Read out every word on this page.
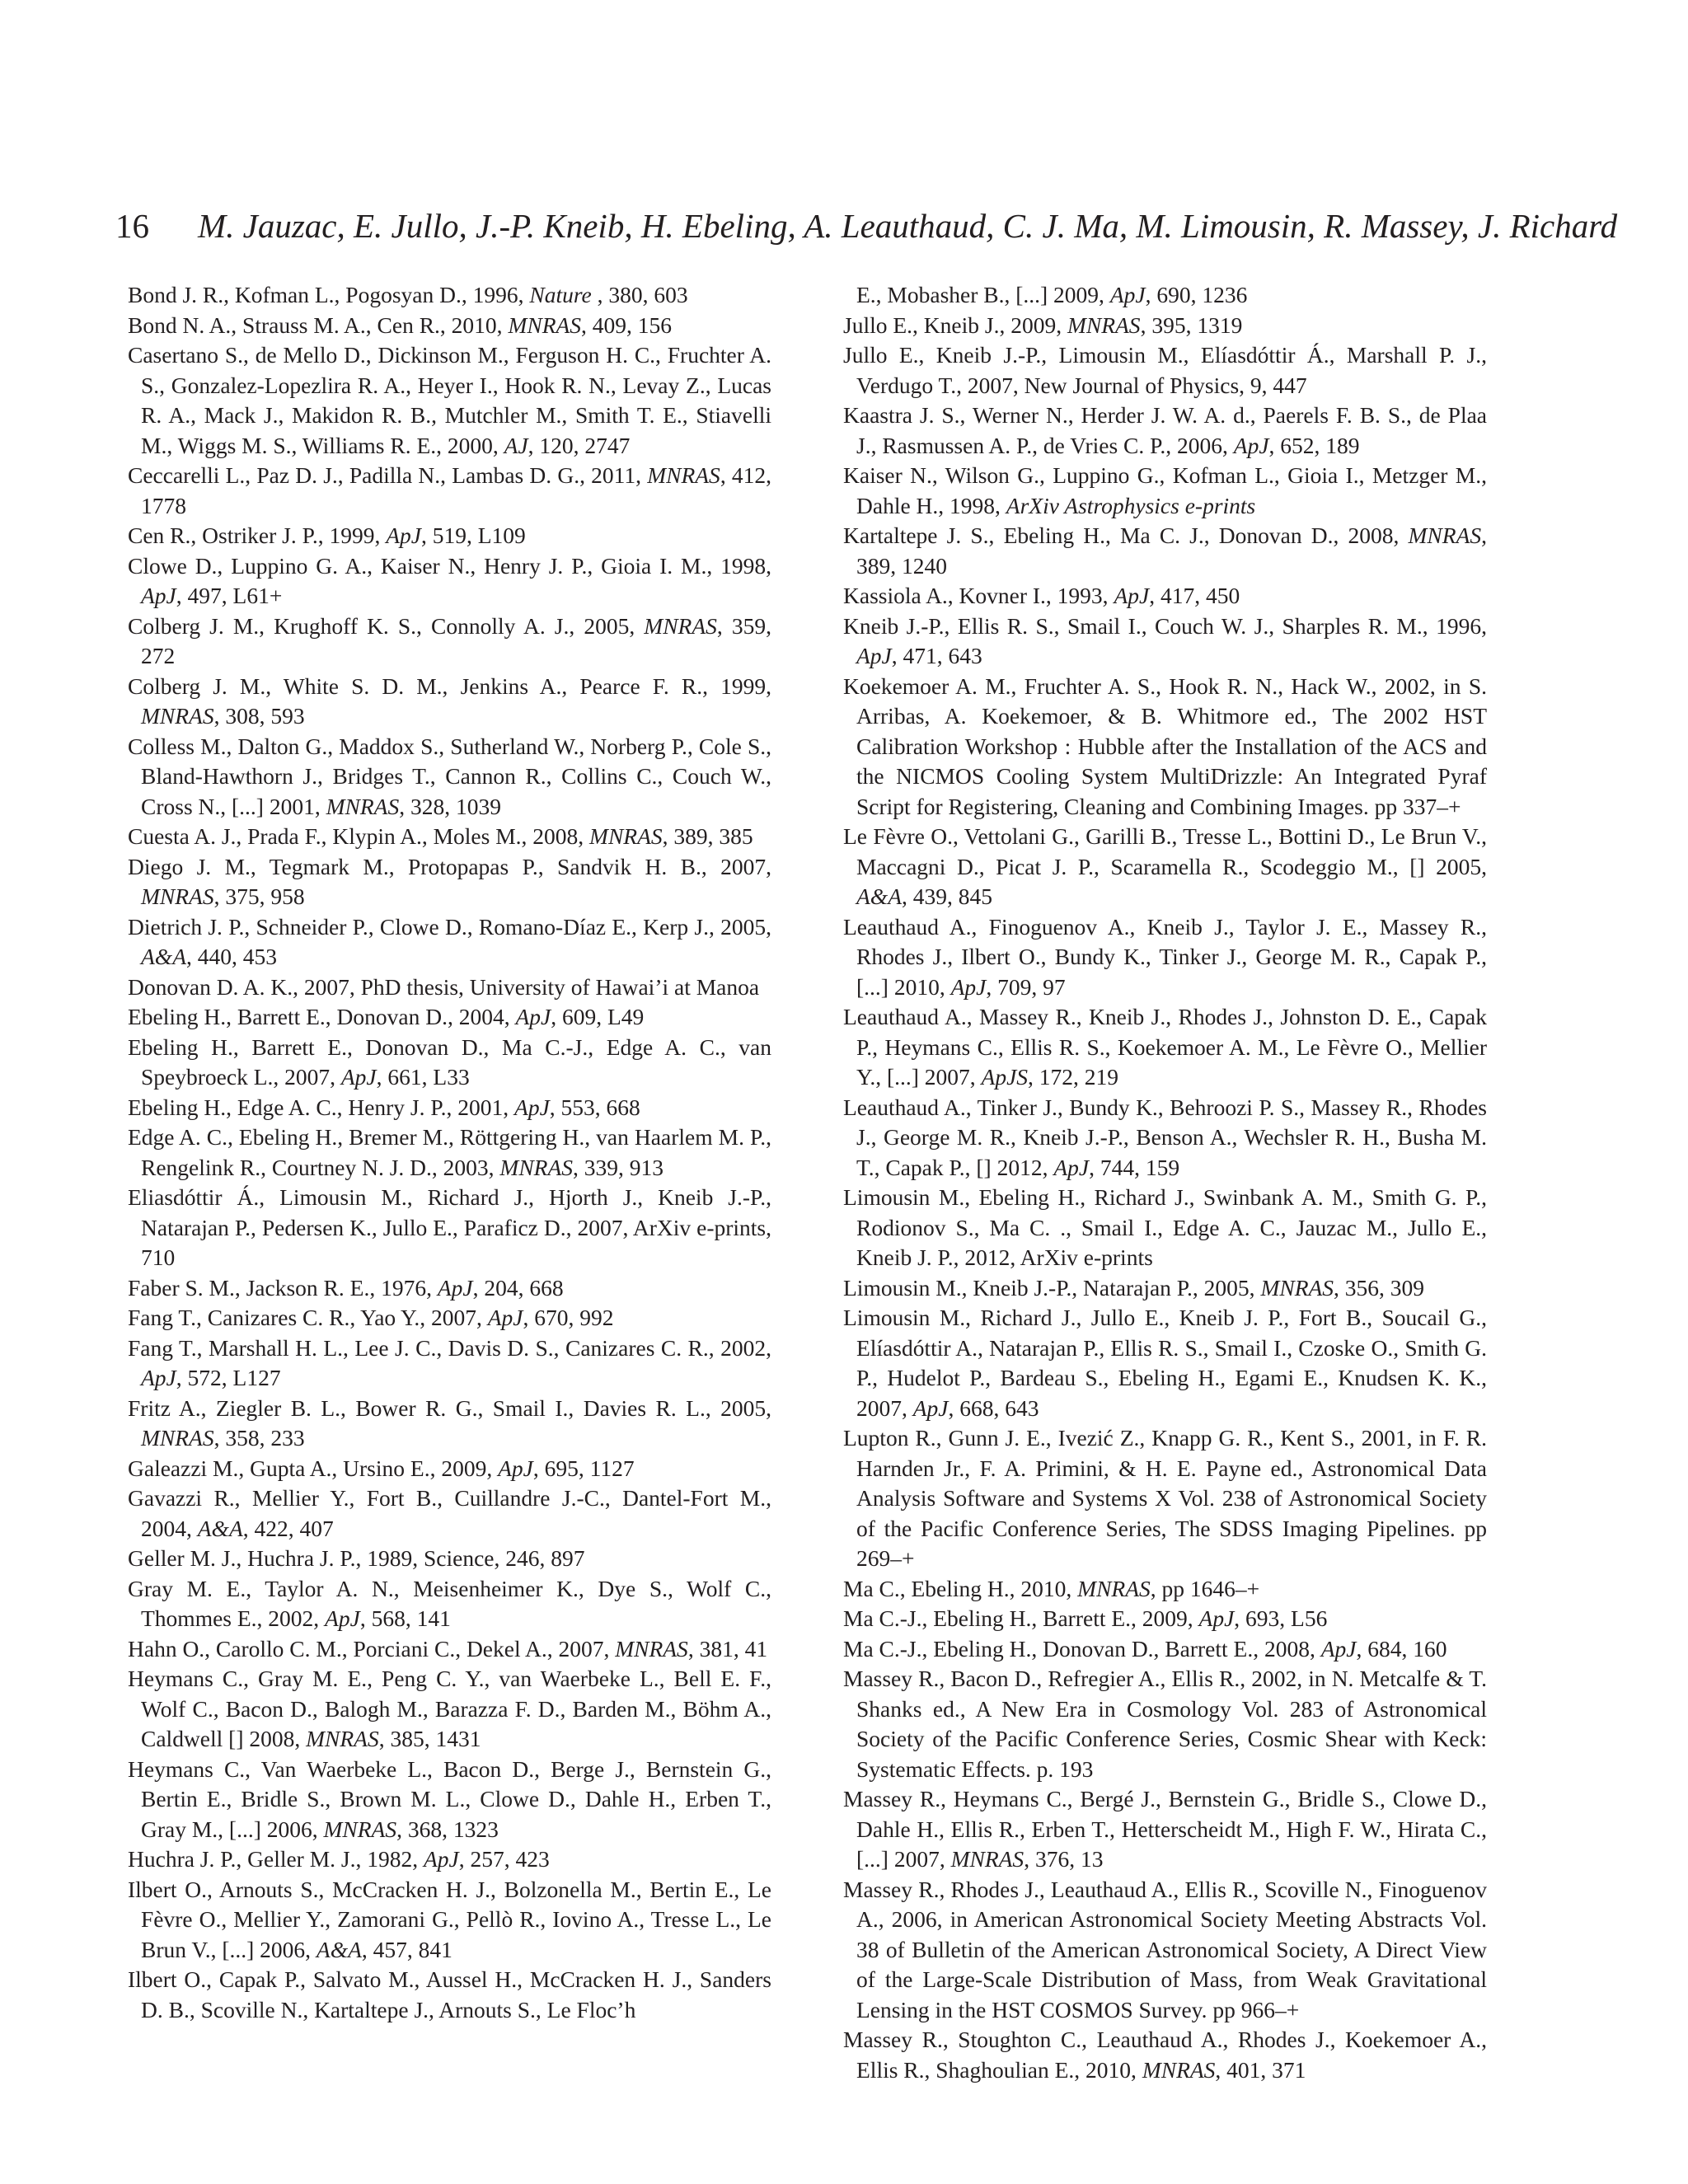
16 M. Jauzac, E. Jullo, J.-P. Kneib, H. Ebeling, A. Leauthaud, C. J. Ma, M. Limousin, R. Massey, J. Richard

Bond J. R., Kofman L., Pogosyan D., 1996, Nature , 380, 603

Bond N. A., Strauss M. A., Cen R., 2010, MNRAS, 409, 156

Casertano S., de Mello D., Dickinson M., Ferguson H. C., Fruchter A. S., Gonzalez-Lopezlira R. A., Heyer I., Hook R. N., Levay Z., Lucas R. A., Mack J., Makidon R. B., Mutchler M., Smith T. E., Stiavelli M., Wiggs M. S., Williams R. E., 2000, AJ, 120, 2747

Ceccarelli L., Paz D. J., Padilla N., Lambas D. G., 2011, MNRAS, 412, 1778

Cen R., Ostriker J. P., 1999, ApJ, 519, L109

Clowe D., Luppino G. A., Kaiser N., Henry J. P., Gioia I. M., 1998, ApJ, 497, L61+

Colberg J. M., Krughoff K. S., Connolly A. J., 2005, MNRAS, 359, 272

Colberg J. M., White S. D. M., Jenkins A., Pearce F. R., 1999, MNRAS, 308, 593

Colless M., Dalton G., Maddox S., Sutherland W., Norberg P., Cole S., Bland-Hawthorn J., Bridges T., Cannon R., Collins C., Couch W., Cross N., [...] 2001, MNRAS, 328, 1039

Cuesta A. J., Prada F., Klypin A., Moles M., 2008, MNRAS, 389, 385

Diego J. M., Tegmark M., Protopapas P., Sandvik H. B., 2007, MNRAS, 375, 958

Dietrich J. P., Schneider P., Clowe D., Romano-Díaz E., Kerp J., 2005, A&A, 440, 453

Donovan D. A. K., 2007, PhD thesis, University of Hawai’i at Manoa

Ebeling H., Barrett E., Donovan D., 2004, ApJ, 609, L49

Ebeling H., Barrett E., Donovan D., Ma C.-J., Edge A. C., van Speybroeck L., 2007, ApJ, 661, L33

Ebeling H., Edge A. C., Henry J. P., 2001, ApJ, 553, 668

Edge A. C., Ebeling H., Bremer M., Röttgering H., van Haarlem M. P., Rengelink R., Courtney N. J. D., 2003, MNRAS, 339, 913

Eliasdóttir Á., Limousin M., Richard J., Hjorth J., Kneib J.-P., Natarajan P., Pedersen K., Jullo E., Paraficz D., 2007, ArXiv e-prints, 710

Faber S. M., Jackson R. E., 1976, ApJ, 204, 668

Fang T., Canizares C. R., Yao Y., 2007, ApJ, 670, 992

Fang T., Marshall H. L., Lee J. C., Davis D. S., Canizares C. R., 2002, ApJ, 572, L127

Fritz A., Ziegler B. L., Bower R. G., Smail I., Davies R. L., 2005, MNRAS, 358, 233

Galeazzi M., Gupta A., Ursino E., 2009, ApJ, 695, 1127

Gavazzi R., Mellier Y., Fort B., Cuillandre J.-C., Dantel-Fort M., 2004, A&A, 422, 407

Geller M. J., Huchra J. P., 1989, Science, 246, 897

Gray M. E., Taylor A. N., Meisenheimer K., Dye S., Wolf C., Thommes E., 2002, ApJ, 568, 141

Hahn O., Carollo C. M., Porciani C., Dekel A., 2007, MNRAS, 381, 41

Heymans C., Gray M. E., Peng C. Y., van Waerbeke L., Bell E. F., Wolf C., Bacon D., Balogh M., Barazza F. D., Barden M., Böhm A., Caldwell [] 2008, MNRAS, 385, 1431

Heymans C., Van Waerbeke L., Bacon D., Berge J., Bernstein G., Bertin E., Bridle S., Brown M. L., Clowe D., Dahle H., Erben T., Gray M., [...] 2006, MNRAS, 368, 1323

Huchra J. P., Geller M. J., 1982, ApJ, 257, 423

Ilbert O., Arnouts S., McCracken H. J., Bolzonella M., Bertin E., Le Fèvre O., Mellier Y., Zamorani G., Pellò R., Iovino A., Tresse L., Le Brun V., [...] 2006, A&A, 457, 841

Ilbert O., Capak P., Salvato M., Aussel H., McCracken H. J., Sanders D. B., Scoville N., Kartaltepe J., Arnouts S., Le Floc’h

E., Mobasher B., [...] 2009, ApJ, 690, 1236

Jullo E., Kneib J., 2009, MNRAS, 395, 1319

Jullo E., Kneib J.-P., Limousin M., Elíasdóttir Á., Marshall P. J., Verdugo T., 2007, New Journal of Physics, 9, 447

Kaastra J. S., Werner N., Herder J. W. A. d., Paerels F. B. S., de Plaa J., Rasmussen A. P., de Vries C. P., 2006, ApJ, 652, 189

Kaiser N., Wilson G., Luppino G., Kofman L., Gioia I., Metzger M., Dahle H., 1998, ArXiv Astrophysics e-prints

Kartaltepe J. S., Ebeling H., Ma C. J., Donovan D., 2008, MNRAS, 389, 1240

Kassiola A., Kovner I., 1993, ApJ, 417, 450

Kneib J.-P., Ellis R. S., Smail I., Couch W. J., Sharples R. M., 1996, ApJ, 471, 643

Koekemoer A. M., Fruchter A. S., Hook R. N., Hack W., 2002, in S. Arribas, A. Koekemoer, & B. Whitmore ed., The 2002 HST Calibration Workshop : Hubble after the Installation of the ACS and the NICMOS Cooling System MultiDrizzle: An Integrated Pyraf Script for Registering, Cleaning and Combining Images. pp 337–+

Le Fèvre O., Vettolani G., Garilli B., Tresse L., Bottini D., Le Brun V., Maccagni D., Picat J. P., Scaramella R., Scodeggio M., [] 2005, A&A, 439, 845

Leauthaud A., Finoguenov A., Kneib J., Taylor J. E., Massey R., Rhodes J., Ilbert O., Bundy K., Tinker J., George M. R., Capak P., [...] 2010, ApJ, 709, 97

Leauthaud A., Massey R., Kneib J., Rhodes J., Johnston D. E., Capak P., Heymans C., Ellis R. S., Koekemoer A. M., Le Fèvre O., Mellier Y., [...] 2007, ApJS, 172, 219

Leauthaud A., Tinker J., Bundy K., Behroozi P. S., Massey R., Rhodes J., George M. R., Kneib J.-P., Benson A., Wechsler R. H., Busha M. T., Capak P., [] 2012, ApJ, 744, 159

Limousin M., Ebeling H., Richard J., Swinbank A. M., Smith G. P., Rodionov S., Ma C. ., Smail I., Edge A. C., Jauzac M., Jullo E., Kneib J. P., 2012, ArXiv e-prints

Limousin M., Kneib J.-P., Natarajan P., 2005, MNRAS, 356, 309

Limousin M., Richard J., Jullo E., Kneib J. P., Fort B., Soucail G., Elíasdóttir A., Natarajan P., Ellis R. S., Smail I., Czoske O., Smith G. P., Hudelot P., Bardeau S., Ebeling H., Egami E., Knudsen K. K., 2007, ApJ, 668, 643

Lupton R., Gunn J. E., Ivezić Z., Knapp G. R., Kent S., 2001, in F. R. Harnden Jr., F. A. Primini, & H. E. Payne ed., Astronomical Data Analysis Software and Systems X Vol. 238 of Astronomical Society of the Pacific Conference Series, The SDSS Imaging Pipelines. pp 269–+

Ma C., Ebeling H., 2010, MNRAS, pp 1646–+

Ma C.-J., Ebeling H., Barrett E., 2009, ApJ, 693, L56

Ma C.-J., Ebeling H., Donovan D., Barrett E., 2008, ApJ, 684, 160

Massey R., Bacon D., Refregier A., Ellis R., 2002, in N. Metcalfe & T. Shanks ed., A New Era in Cosmology Vol. 283 of Astronomical Society of the Pacific Conference Series, Cosmic Shear with Keck: Systematic Effects. p. 193

Massey R., Heymans C., Bergé J., Bernstein G., Bridle S., Clowe D., Dahle H., Ellis R., Erben T., Hetterscheidt M., High F. W., Hirata C., [...] 2007, MNRAS, 376, 13

Massey R., Rhodes J., Leauthaud A., Ellis R., Scoville N., Finoguenov A., 2006, in American Astronomical Society Meeting Abstracts Vol. 38 of Bulletin of the American Astronomical Society, A Direct View of the Large-Scale Distribution of Mass, from Weak Gravitational Lensing in the HST COSMOS Survey. pp 966–+

Massey R., Stoughton C., Leauthaud A., Rhodes J., Koekemoer A., Ellis R., Shaghoulian E., 2010, MNRAS, 401, 371
